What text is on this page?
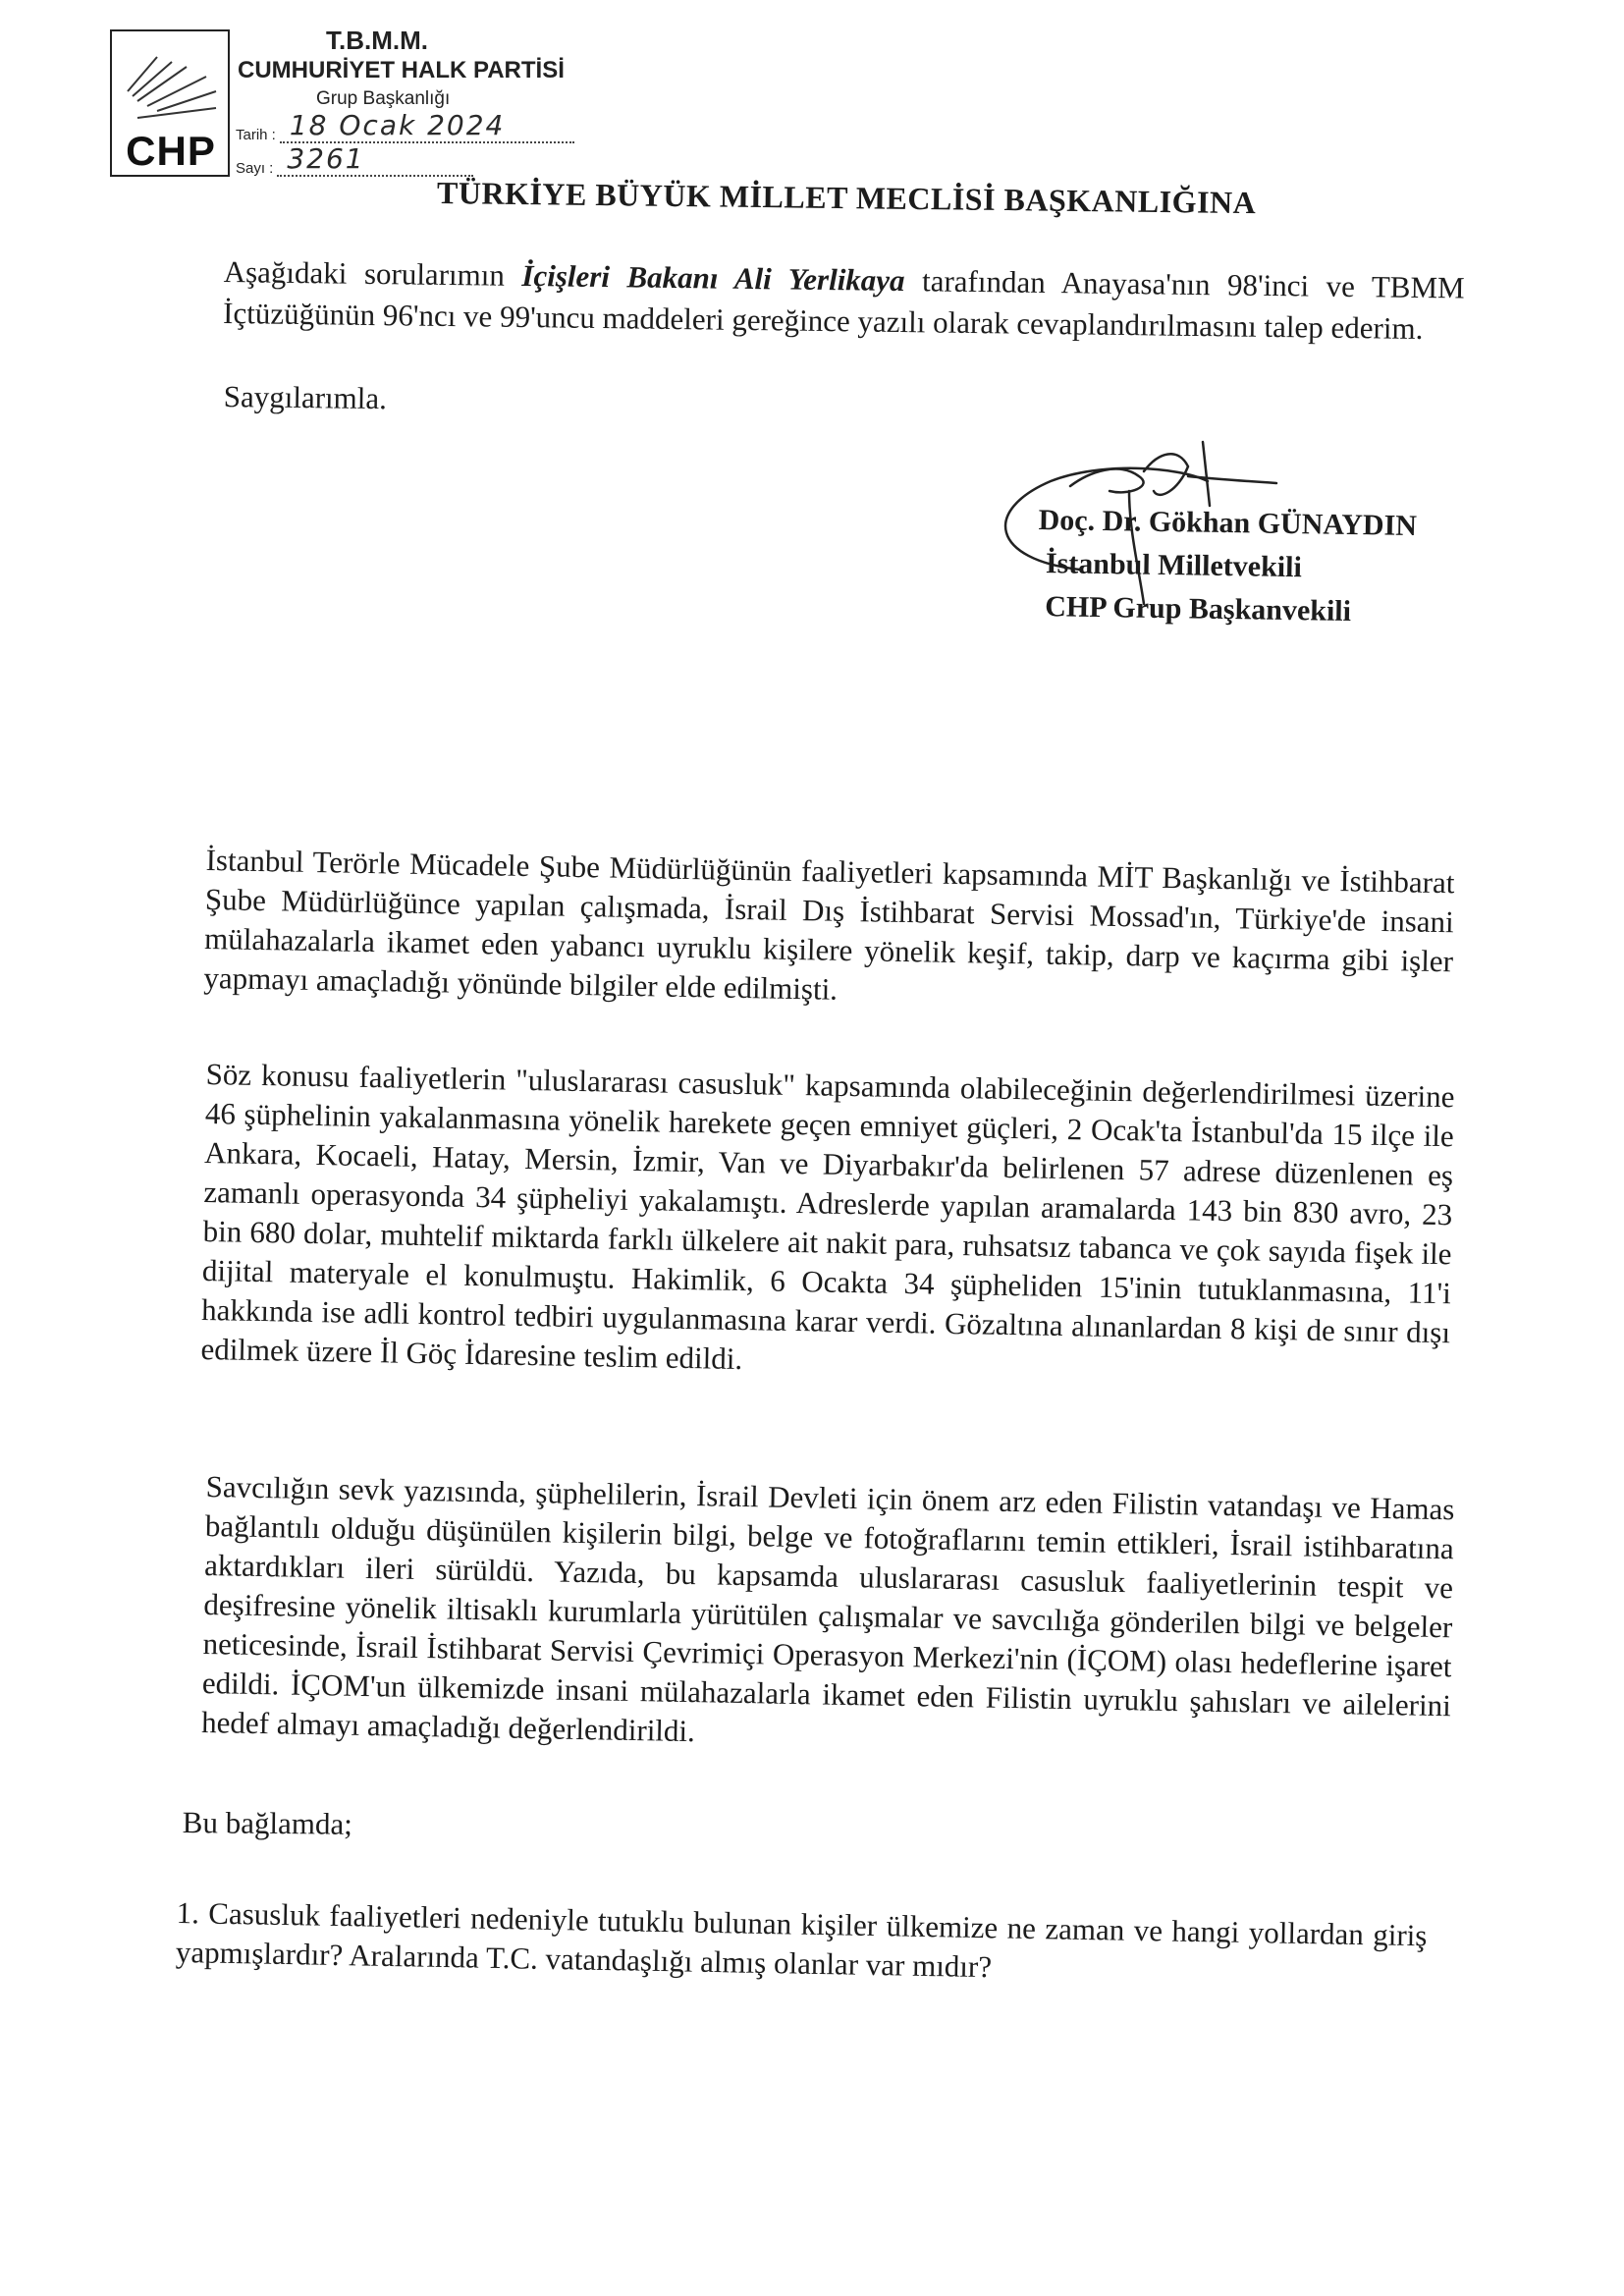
CHP
T.B.M.M.
CUMHURİYET HALK PARTİSİ
Grup Başkanlığı
Tarih : 18 Ocak 2024
Sayı : 3261
TÜRKİYE BÜYÜK MİLLET MECLİSİ BAŞKANLIĞINA
Aşağıdaki sorularımın İçişleri Bakanı Ali Yerlikaya tarafından Anayasa'nın 98'inci ve TBMM İçtüzüğünün 96'ncı ve 99'uncu maddeleri gereğince yazılı olarak cevaplandırılmasını talep ederim.
Saygılarımla.
Doç. Dr. Gökhan GÜNAYDIN
İstanbul Milletvekili
CHP Grup Başkanvekili
İstanbul Terörle Mücadele Şube Müdürlüğünün faaliyetleri kapsamında MİT Başkanlığı ve İstihbarat Şube Müdürlüğünce yapılan çalışmada, İsrail Dış İstihbarat Servisi Mossad'ın, Türkiye'de insani mülahazalarla ikamet eden yabancı uyruklu kişilere yönelik keşif, takip, darp ve kaçırma gibi işler yapmayı amaçladığı yönünde bilgiler elde edilmişti.
Söz konusu faaliyetlerin "uluslararası casusluk" kapsamında olabileceğinin değerlendirilmesi üzerine 46 şüphelinin yakalanmasına yönelik harekete geçen emniyet güçleri, 2 Ocak'ta İstanbul'da 15 ilçe ile Ankara, Kocaeli, Hatay, Mersin, İzmir, Van ve Diyarbakır'da belirlenen 57 adrese düzenlenen eş zamanlı operasyonda 34 şüpheliyi yakalamıştı. Adreslerde yapılan aramalarda 143 bin 830 avro, 23 bin 680 dolar, muhtelif miktarda farklı ülkelere ait nakit para, ruhsatsız tabanca ve çok sayıda fişek ile dijital materyale el konulmuştu. Hakimlik, 6 Ocakta 34 şüpheliden 15'inin tutuklanmasına, 11'i hakkında ise adli kontrol tedbiri uygulanmasına karar verdi. Gözaltına alınanlardan 8 kişi de sınır dışı edilmek üzere İl Göç İdaresine teslim edildi.
Savcılığın sevk yazısında, şüphelilerin, İsrail Devleti için önem arz eden Filistin vatandaşı ve Hamas bağlantılı olduğu düşünülen kişilerin bilgi, belge ve fotoğraflarını temin ettikleri, İsrail istihbaratına aktardıkları ileri sürüldü. Yazıda, bu kapsamda uluslararası casusluk faaliyetlerinin tespit ve deşifresine yönelik iltisaklı kurumlarla yürütülen çalışmalar ve savcılığa gönderilen bilgi ve belgeler neticesinde, İsrail İstihbarat Servisi Çevrimiçi Operasyon Merkezi'nin (İÇOM) olası hedeflerine işaret edildi. İÇOM'un ülkemizde insani mülahazalarla ikamet eden Filistin uyruklu şahısları ve ailelerini hedef almayı amaçladığı değerlendirildi.
Bu bağlamda;
1. Casusluk faaliyetleri nedeniyle tutuklu bulunan kişiler ülkemize ne zaman ve hangi yollardan giriş yapmışlardır? Aralarında T.C. vatandaşlığı almış olanlar var mıdır?
